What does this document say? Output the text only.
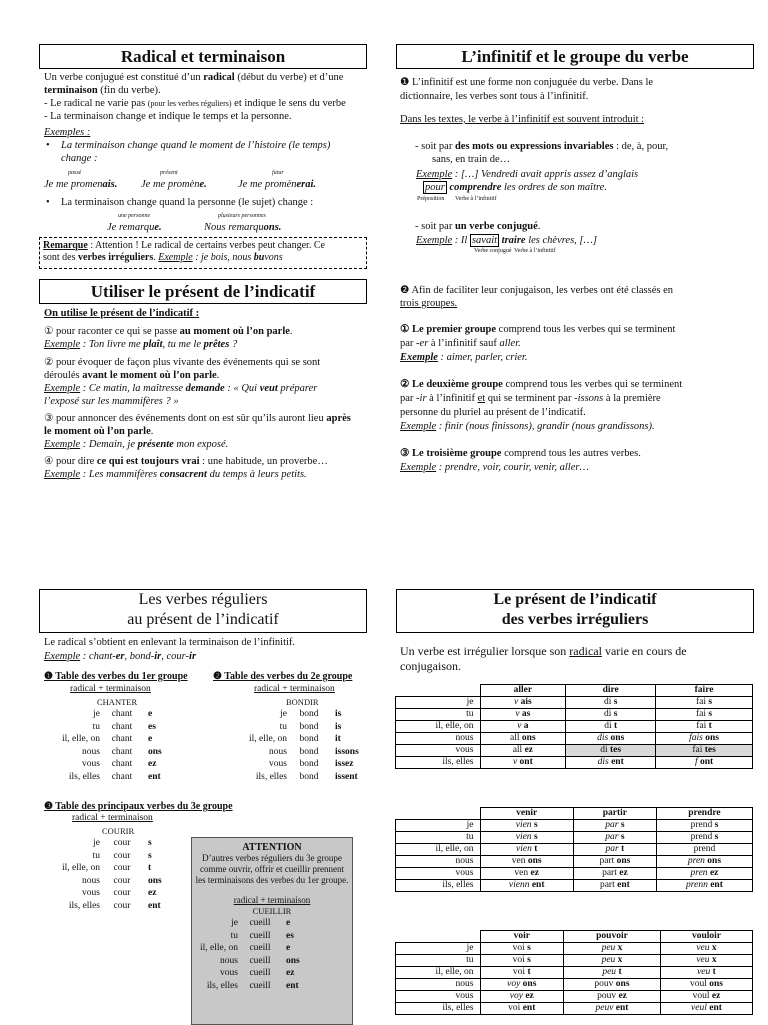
Radical et terminaison
Un verbe conjugué est constitué d’un radical (début du verbe) et d’une
terminaison (fin du verbe).
- Le radical ne varie pas (pour les verbes réguliers) et indique le sens du verbe
- La terminaison change et indique le temps et la personne.
Exemples :
• La terminaison change quand le moment de l’histoire (le temps)
change :
passé	présent	futur
Je me promenais. Je me promène.	Je me promènerai.
• La terminaison change quand la personne (le sujet) change :
une personne	plusieurs personnes
Je remarque.	Nous remarquons.
Remarque : Attention ! Le radical de certains verbes peut changer. Ce
sont des verbes irréguliers. Exemple : je bois, nous buvons
L’infinitif et le groupe du verbe
❶ L’infinitif est une forme non conjuguée du verbe. Dans le
dictionnaire, les verbes sont tous à l’infinitif.
Dans les textes, le verbe à l’infinitif est souvent introduit :
- soit par des mots ou expressions invariables : de, à, pour,
sans, en train de…
Exemple : […] Vendredi avait appris assez d’anglais
pour comprendre les ordres de son maître.
Préposition Verbe à l’infinitif
- soit par un verbe conjugué.
Exemple : Il savait traire les chèvres, […]
Verbe conjugué Verbe à l’infinitif
❷ Afin de faciliter leur conjugaison, les verbes ont été classés en
trois groupes.
① Le premier groupe comprend tous les verbes qui se terminent
par -er à l’infinitif sauf aller.
Exemple : aimer, parler, crier.
② Le deuxième groupe comprend tous les verbes qui se terminent
par -ir à l’infinitif et qui se terminent par -issons à la première
personne du pluriel au présent de l’indicatif.
Exemple : finir (nous finissons), grandir (nous grandissons).
③ Le troisième groupe comprend tous les autres verbes.
Exemple : prendre, voir, courir, venir, aller…
Utiliser le présent de l’indicatif
On utilise le présent de l’indicatif :
① pour raconter ce qui se passe au moment où l’on parle.
Exemple : Ton livre me plaît, tu me le prêtes ?
② pour évoquer de façon plus vivante des événements qui se sont
déroulés avant le moment où l’on parle.
Exemple : Ce matin, la maîtresse demande : « Qui veut préparer
l’exposé sur les mammifères ? »
③ pour annoncer des événements dont on est sûr qu’ils auront lieu après
le moment où l’on parle.
Exemple : Demain, je présente mon exposé.
④ pour dire ce qui est toujours vrai : une habitude, un proverbe…
Exemple : Les mammifères consacrent du temps à leurs petits.
Les verbes réguliers
au présent de l’indicatif
Le radical s’obtient en enlevant la terminaison de l’infinitif.
Exemple : chant-er, bond-ir, cour-ir
❶ Table des verbes du 1er groupe
radical + terminaison
CHANTER
je chant e
tu chant es
il, elle, on chant e
nous chant ons
vous chant ez
ils, elles chant ent
❷ Table des verbes du 2e groupe
radical + terminaison
BONDIR
je bond is
tu bond is
il, elle, on bond it
nous bond issons
vous bond issez
ils, elles bond issent
❸ Table des principaux verbes du 3e groupe
radical + terminaison
COURIR
je cour s
tu cour s
il, elle, on cour t
nous cour ons
vous cour ez
ils, elles cour ent
ATTENTION
D’autres verbes réguliers du 3e groupe
comme ouvrir, offrir et cueillir prennent
les terminaisons des verbes du 1er groupe.
radical + terminaison
CUEILLIR
je cueill e
tu cueill es
il, elle, on cueill e
nous cueill ons
vous cueill ez
ils, elles cueill ent
Le présent de l’indicatif
des verbes irréguliers
Un verbe est irrégulier lorsque son radical varie en cours de
conjugaison.
	aller	dire	faire
je	v ais	di s	fai s
tu	v as	di s	fai s
il, elle, on	v a	di t	fai t
nous	all ons	dis ons	fais ons
vous	all ez	di tes	fai tes
ils, elles	v ont	dis ent	f ont
	venir	partir	prendre
je	vien s	par s	prend s
tu	vien s	par s	prend s
il, elle, on	vien t	par t	prend
nous	ven ons	part ons	pren ons
vous	ven ez	part ez	pren ez
ils, elles	vienn ent	part ent	prenn ent
	voir	pouvoir	vouloir
je	voi s	peu x	veu x
tu	voi s	peu x	veu x
il, elle, on	voi t	peu t	veu t
nous	voy ons	pouv ons	voul ons
vous	voy ez	pouv ez	voul ez
ils, elles	voi ent	peuv ent	veul ent
